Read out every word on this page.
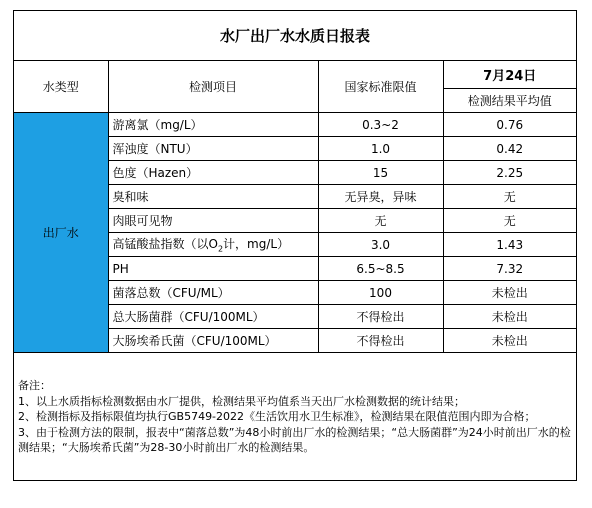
水厂出厂水水质日报表
水类型	检测项目	国家标准限值	7月24日
			检测结果平均值
出厂水	游离氯（mg/L）	0.3~2	0.76
	浑浊度（NTU）	1.0	0.42
	色度（Hazen）	15	2.25
	臭和味	无异臭，异味	无
	肉眼可见物	无	无
	高锰酸盐指数（以$O_2$计，mg/L）	3.0	1.43
	PH	6.5~8.5	7.32
	菌落总数（CFU/ML）	100	未检出
	总大肠菌群（CFU/100ML）	不得检出	未检出
	大肠埃希氏菌（CFU/100ML）	不得检出	未检出
备注：
1、以上水质指标检测数据由水厂提供，检测结果平均值系当天出厂水检测数据的统计结果；
2、检测指标及指标限值均执行GB5749-2022《生活饮用水卫生标准》，检测结果在限值范围内即为合格；
3、由于检测方法的限制，报表中“菌落总数”为48小时前出厂水的检测结果；“总大肠菌群”为24小时前出厂水的检测结果；“大肠埃希氏菌”为28-30小时前出厂水的检测结果。
